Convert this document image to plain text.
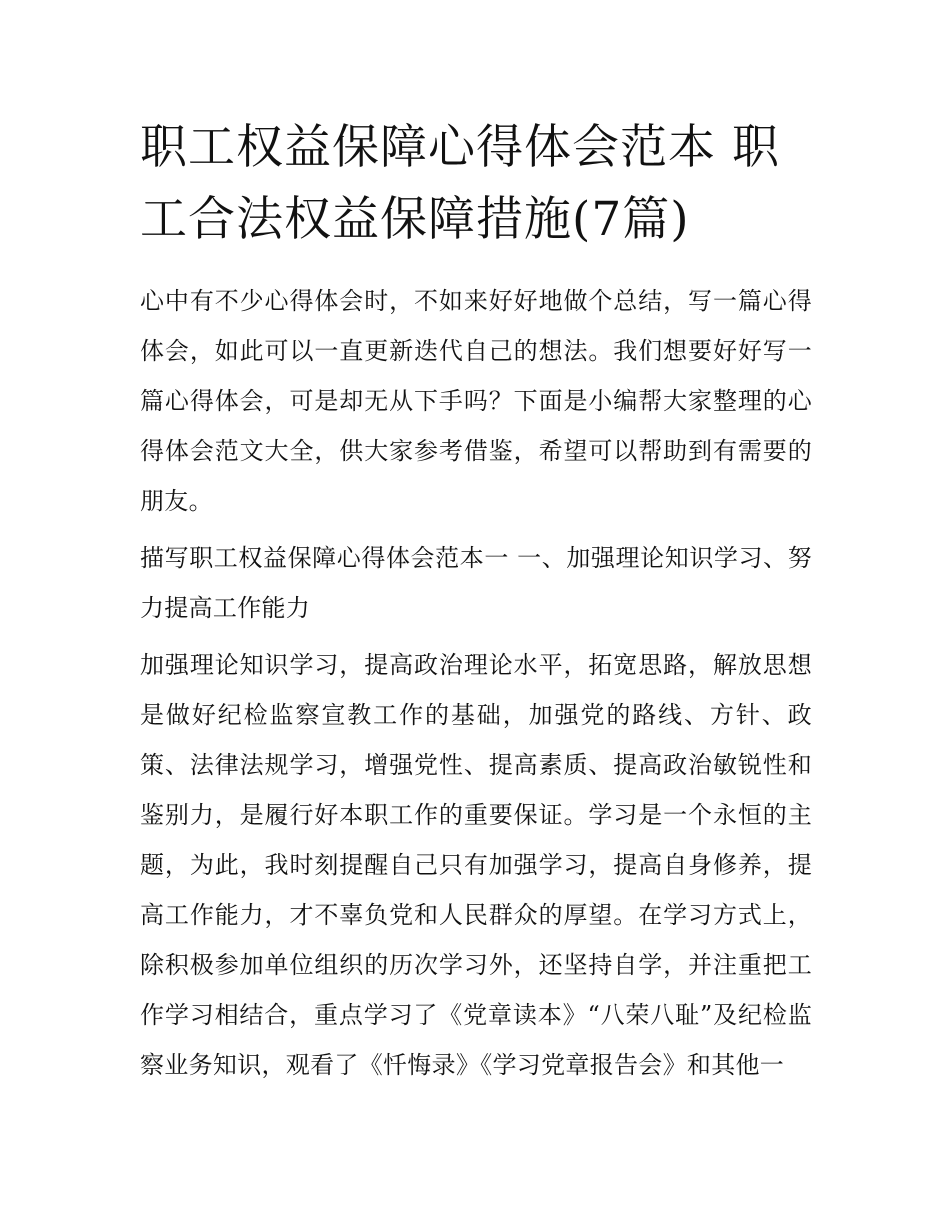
职工权益保障心得体会范本 职工合法权益保障措施(7篇)

心中有不少心得体会时，不如来好好地做个总结，写一篇心得体会，如此可以一直更新迭代自己的想法。我们想要好好写一篇心得体会，可是却无从下手吗？下面是小编帮大家整理的心得体会范文大全，供大家参考借鉴，希望可以帮助到有需要的朋友。

描写职工权益保障心得体会范本一 一、加强理论知识学习、努力提高工作能力

加强理论知识学习，提高政治理论水平，拓宽思路，解放思想是做好纪检监察宣教工作的基础，加强党的路线、方针、政策、法律法规学习，增强党性、提高素质、提高政治敏锐性和鉴别力，是履行好本职工作的重要保证。学习是一个永恒的主题，为此，我时刻提醒自己只有加强学习，提高自身修养，提高工作能力，才不辜负党和人民群众的厚望。在学习方式上，除积极参加单位组织的历次学习外，还坚持自学，并注重把工作学习相结合，重点学习了《党章读本》“八荣八耻”及纪检监察业务知识，观看了《忏悔录》《学习党章报告会》和其他一
